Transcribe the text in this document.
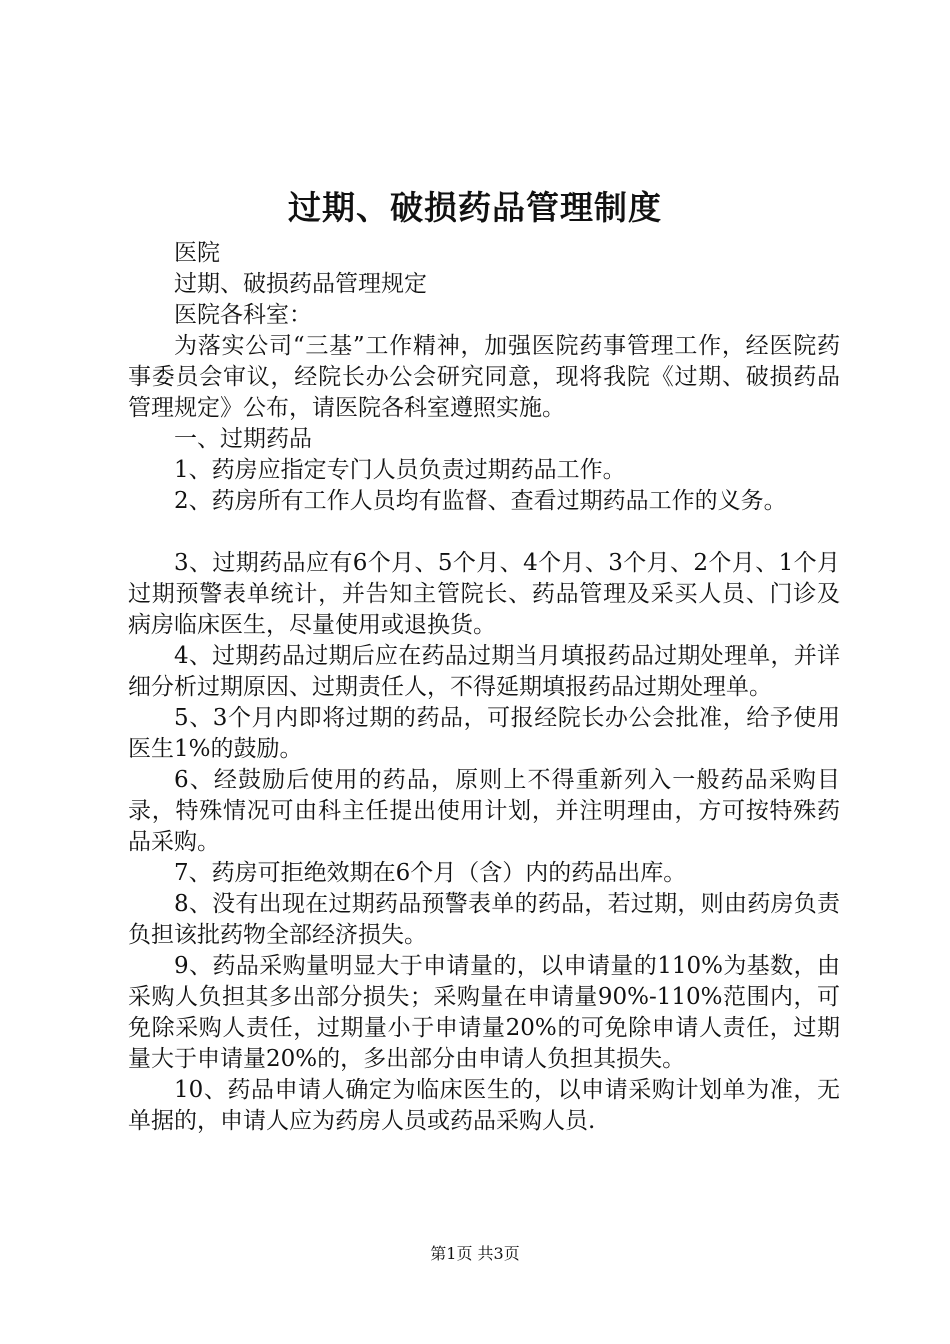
过期、破损药品管理制度

医院

过期、破损药品管理规定

医院各科室：

为落实公司“三基”工作精神，加强医院药事管理工作，经医院药事委员会审议，经院长办公会研究同意，现将我院《过期、破损药品管理规定》公布，请医院各科室遵照实施。

一、过期药品

1、药房应指定专门人员负责过期药品工作。

2、药房所有工作人员均有监督、查看过期药品工作的义务。

3、过期药品应有6个月、5个月、4个月、3个月、2个月、1个月过期预警表单统计，并告知主管院长、药品管理及采买人员、门诊及病房临床医生，尽量使用或退换货。

4、过期药品过期后应在药品过期当月填报药品过期处理单，并详细分析过期原因、过期责任人，不得延期填报药品过期处理单。

5、3个月内即将过期的药品，可报经院长办公会批准，给予使用医生1%的鼓励。

6、经鼓励后使用的药品，原则上不得重新列入一般药品采购目录，特殊情况可由科主任提出使用计划，并注明理由，方可按特殊药品采购。

7、药房可拒绝效期在6个月（含）内的药品出库。

8、没有出现在过期药品预警表单的药品，若过期，则由药房负责负担该批药物全部经济损失。

9、药品采购量明显大于申请量的，以申请量的110%为基数，由采购人负担其多出部分损失；采购量在申请量90%-110%范围内，可免除采购人责任，过期量小于申请量20%的可免除申请人责任，过期量大于申请量20%的，多出部分由申请人负担其损失。

10、药品申请人确定为临床医生的，以申请采购计划单为准，无单据的，申请人应为药房人员或药品采购人员.

第1页 共3页
